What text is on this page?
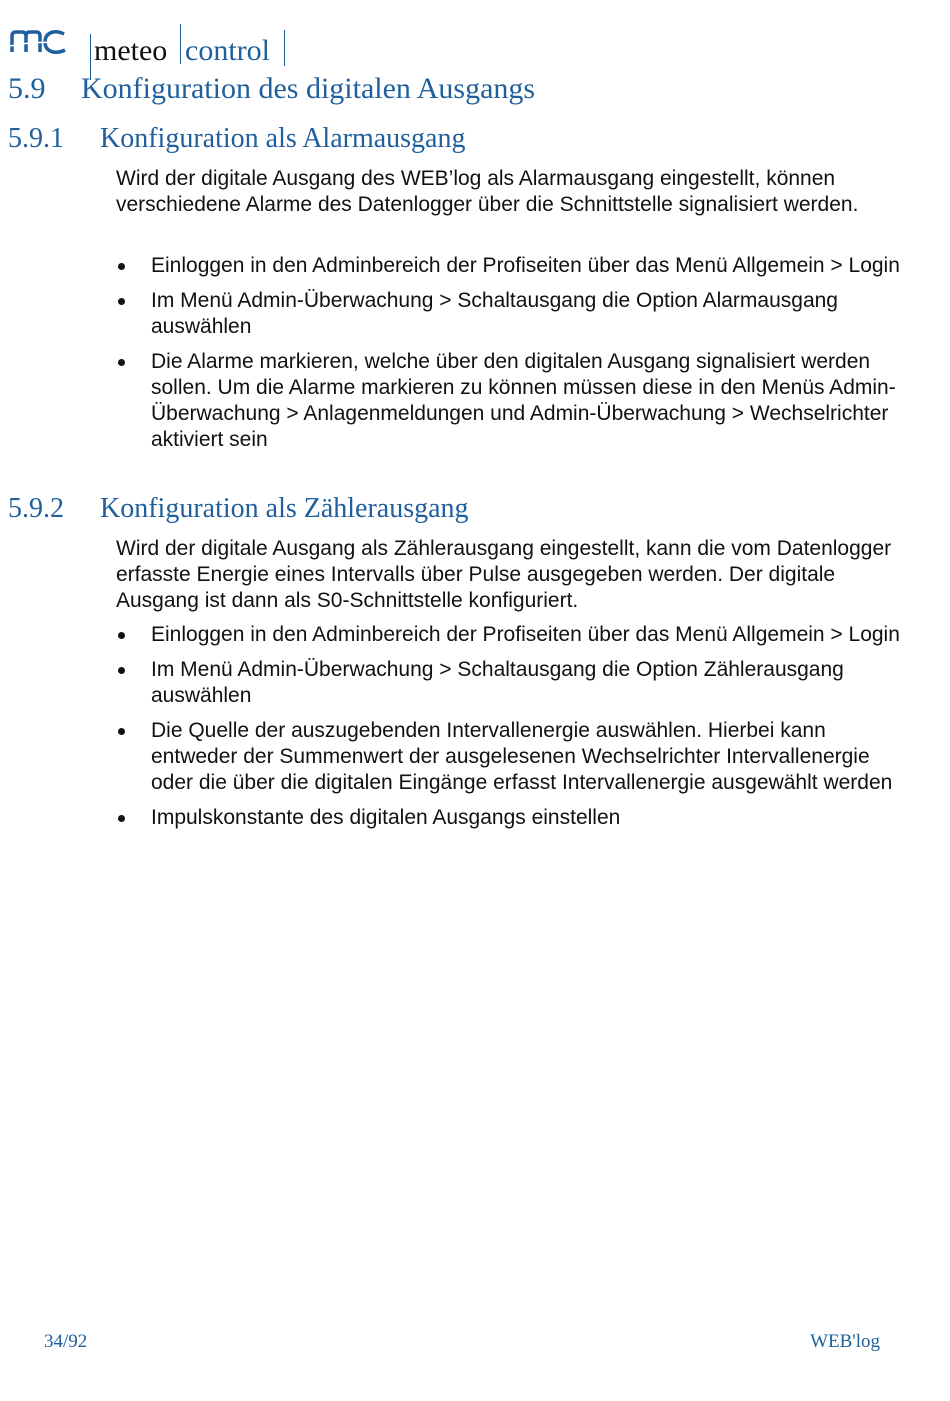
meteo control
5.9 Konfiguration des digitalen Ausgangs
5.9.1 Konfiguration als Alarmausgang

Wird der digitale Ausgang des WEB’log als Alarmausgang eingestellt, können verschiedene Alarme des Datenlogger über die Schnittstelle signalisiert werden.

Einloggen in den Adminbereich der Profiseiten über das Menü Allgemein > Login
Im Menü Admin-Überwachung > Schaltausgang die Option Alarmausgang auswählen
Die Alarme markieren, welche über den digitalen Ausgang signalisiert werden sollen. Um die Alarme markieren zu können müssen diese in den Menüs Admin-Überwachung > Anlagenmeldungen und Admin-Überwachung > Wechselrichter aktiviert sein
5.9.2 Konfiguration als Zählerausgang

Wird der digitale Ausgang als Zählerausgang eingestellt, kann die vom Datenlogger erfasste Energie eines Intervalls über Pulse ausgegeben werden. Der digitale Ausgang ist dann als S0-Schnittstelle konfiguriert.

Einloggen in den Adminbereich der Profiseiten über das Menü Allgemein > Login
Im Menü Admin-Überwachung > Schaltausgang die Option Zählerausgang auswählen
Die Quelle der auszugebenden Intervallenergie auswählen. Hierbei kann entweder der Summenwert der ausgelesenen Wechselrichter Intervallenergie oder die über die digitalen Eingänge erfasst Intervallenergie ausgewählt werden
Impulskonstante des digitalen Ausgangs einstellen
34/92	WEB'log
